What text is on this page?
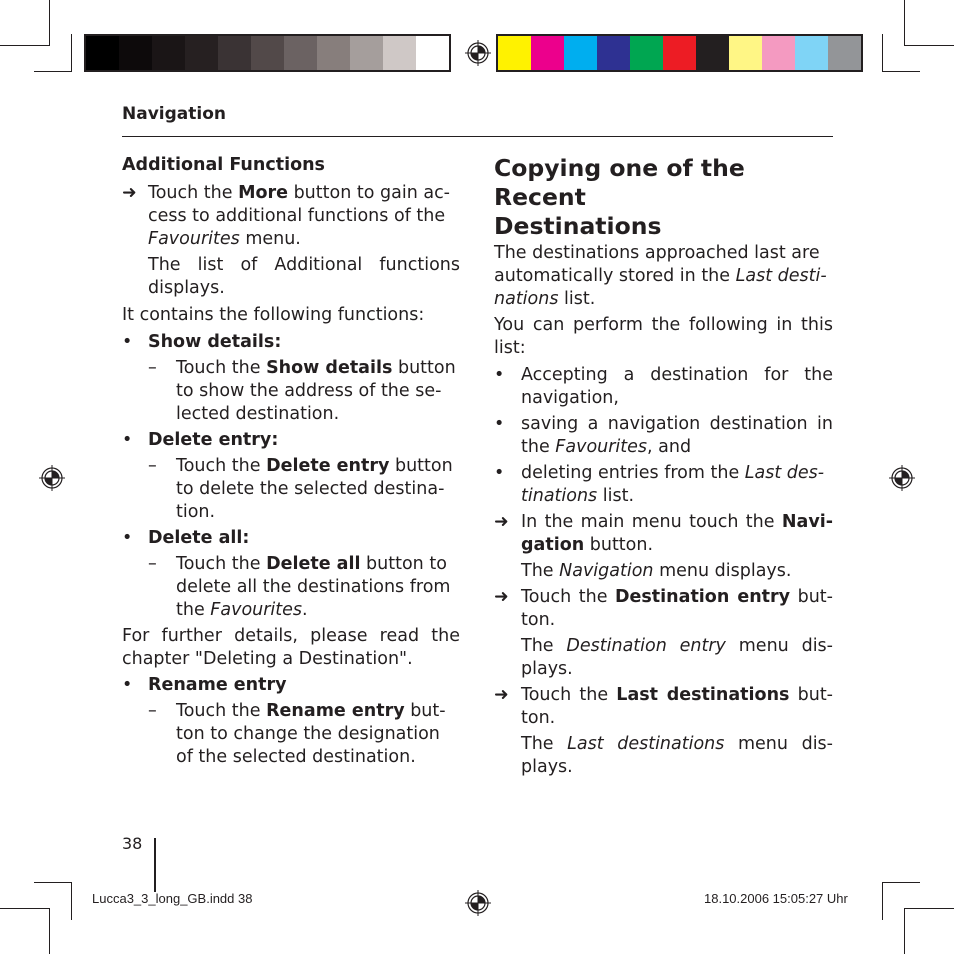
Navigation

Additional Functions

➜ Touch the More button to gain ac-

cess to additional functions of the

Favourites menu.

The list of Additional functions

displays.

It contains the following functions:

• Show details:

– Touch the Show details button

to show the address of the se-

lected destination.

• Delete entry:

– Touch the Delete entry button

to delete the selected destina-

tion.

• Delete all:

– Touch the Delete all button to

delete all the destinations from

the Favourites.

For further details, please read the

chapter "Deleting a Destination".

• Rename entry

– Touch the Rename entry but-

ton to change the designation

of the selected destination.

Copying one of the Recent

Destinations

The destinations approached last are

automatically stored in the Last desti-

nations list.

You can perform the following in this

list:

• Accepting a destination for the

navigation,

• saving a navigation destination in

the Favourites, and

• deleting entries from the Last des-

tinations list.

➜ In the main menu touch the Navi-

gation button.

The Navigation menu displays.

➜ Touch the Destination entry but-

ton.

The Destination entry menu dis-

plays.

➜ Touch the Last destinations but-

ton.

The Last destinations menu dis-

plays.

38
Lucca3_3_long_GB.indd 38	18.10.2006 15:05:27 Uhr
